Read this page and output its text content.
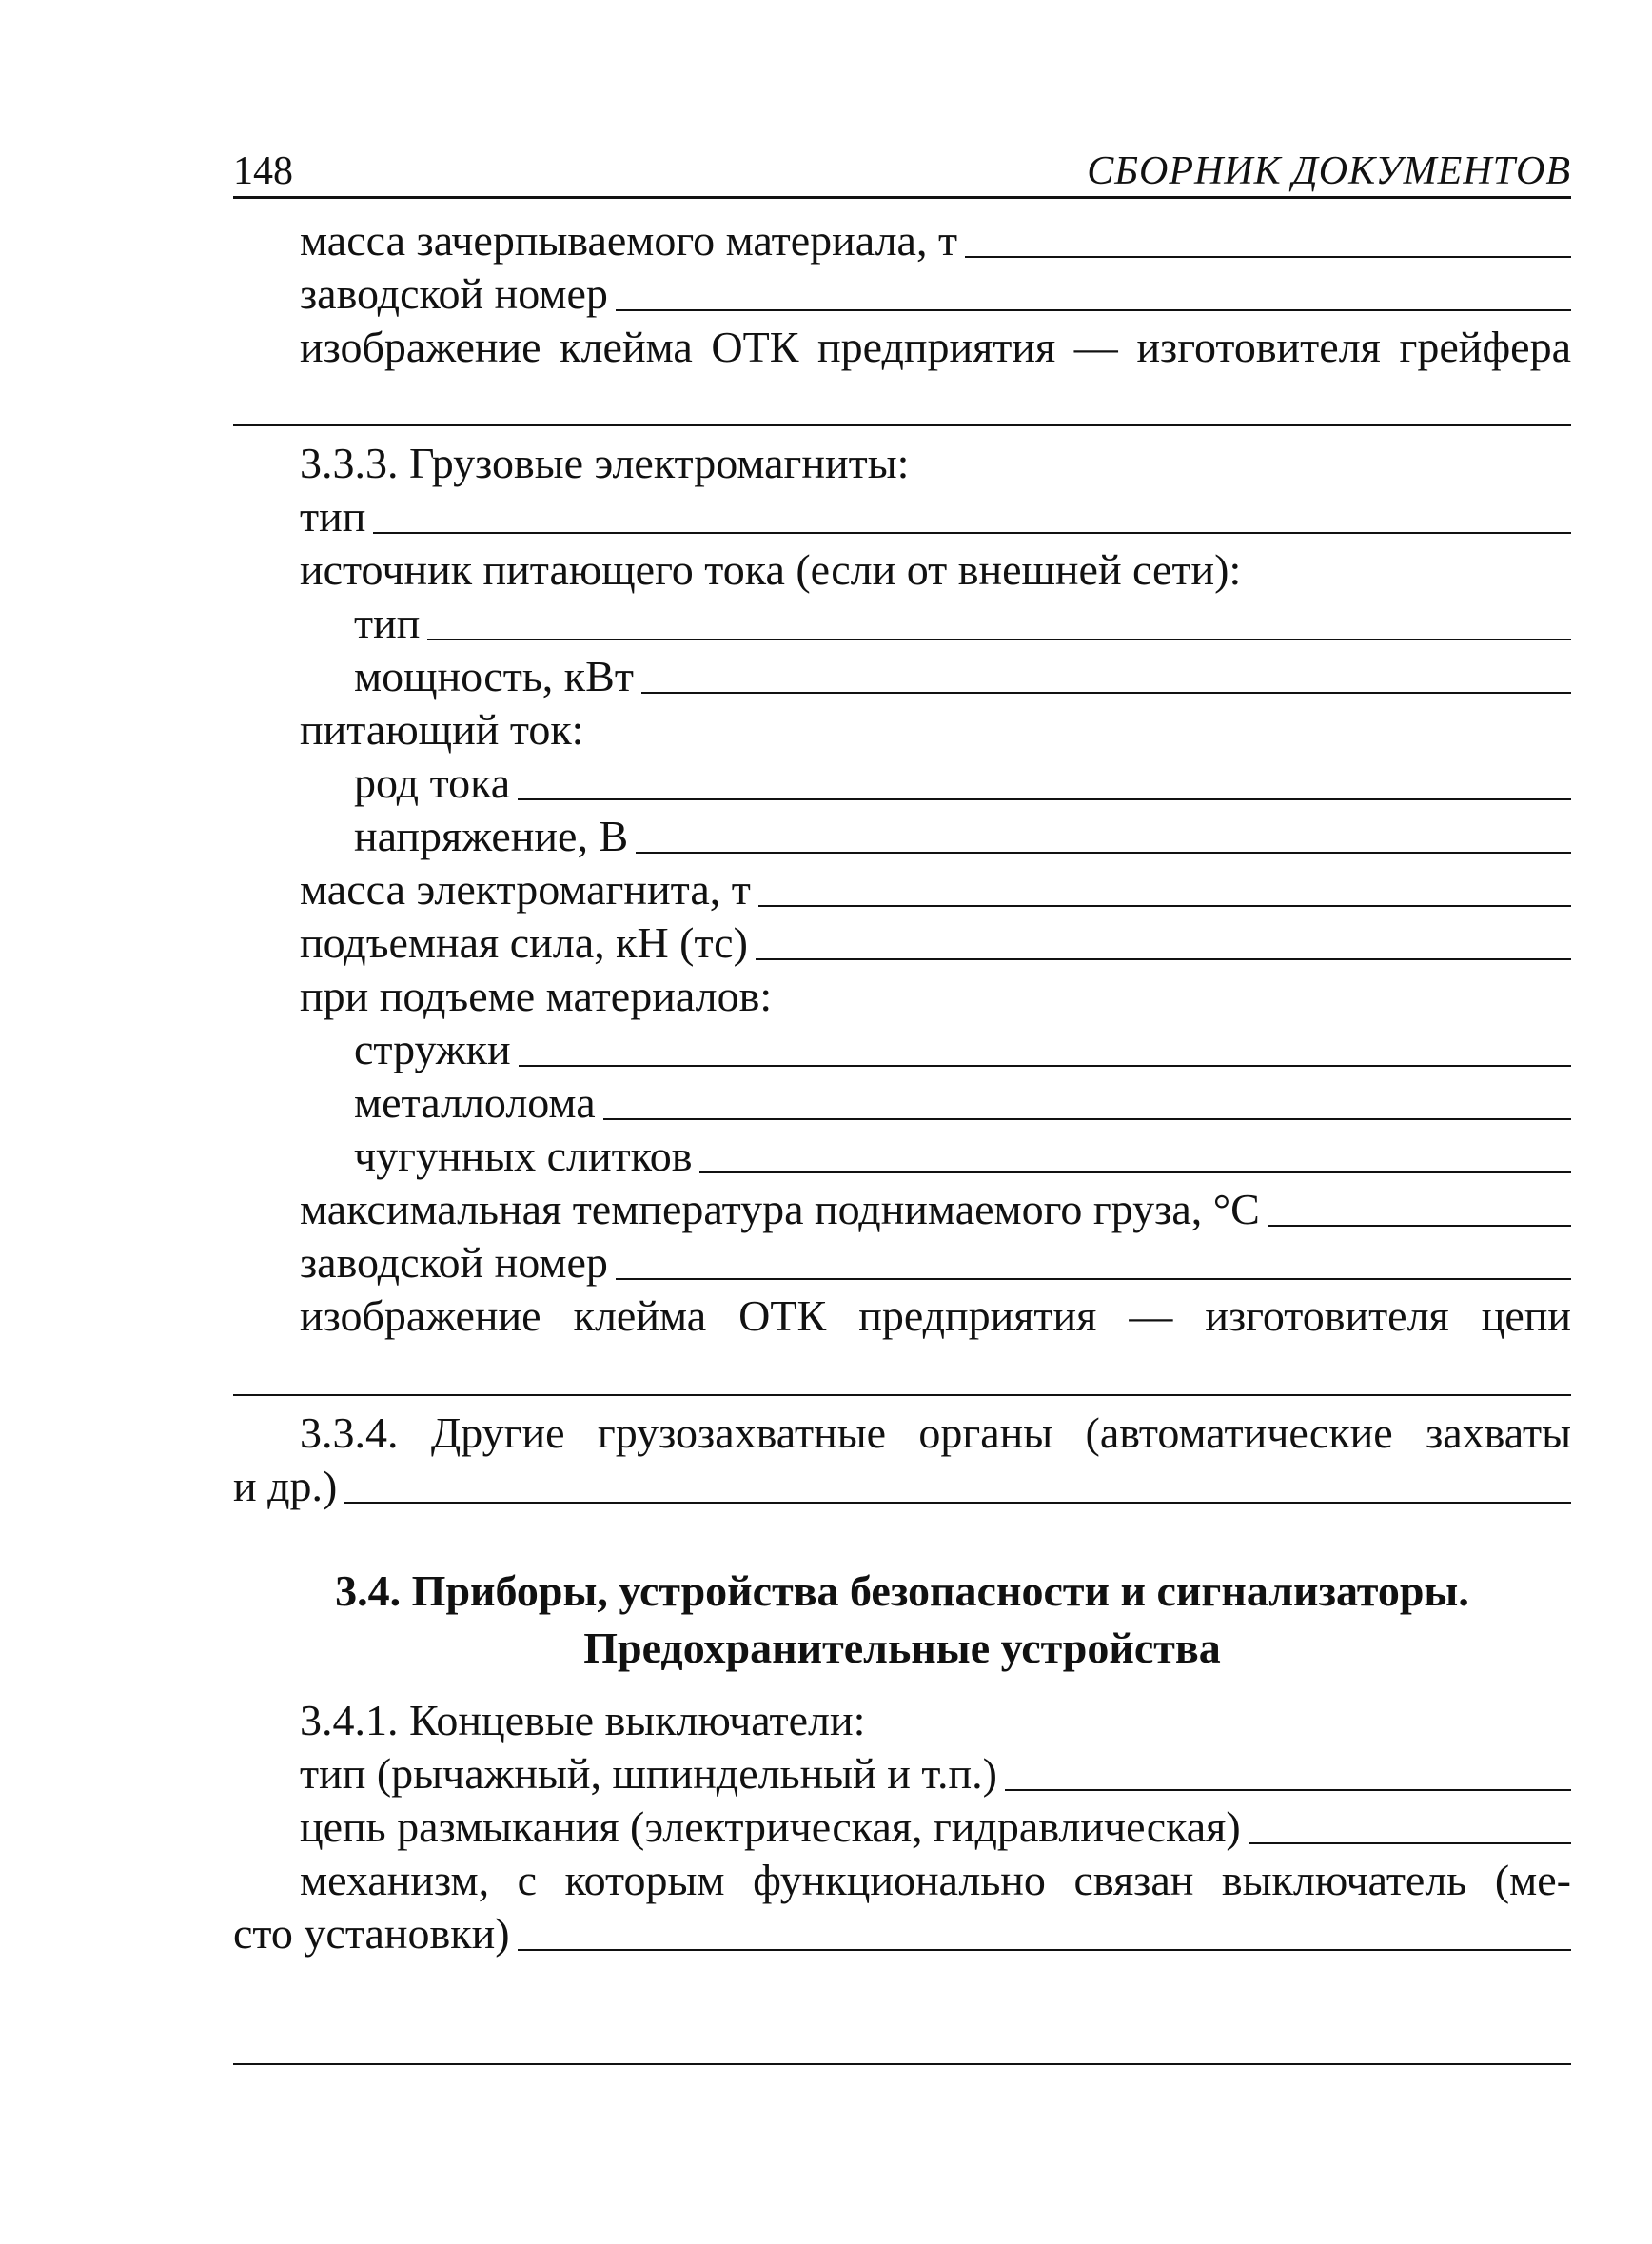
148	СБОРНИК ДОКУМЕНТОВ
масса зачерпываемого материала, т
заводской номер
изображение клейма ОТК предприятия — изготовителя грейфера
3.3.3. Грузовые электромагниты:
тип
источник питающего тока (если от внешней сети):
тип
мощность, кВт
питающий ток:
род тока
напряжение, В
масса электромагнита, т
подъемная сила, кН (тс)
при подъеме материалов:
стружки
металлолома
чугунных слитков
максимальная температура поднимаемого груза, °С
заводской номер
изображение клейма ОТК предприятия — изготовителя цепи
3.3.4. Другие грузозахватные органы (автоматические захваты
и др.)
3.4. Приборы, устройства безопасности и сигнализаторы.
Предохранительные устройства
3.4.1. Концевые выключатели:
тип (рычажный, шпиндельный и т.п.)
цепь размыкания (электрическая, гидравлическая)
механизм, с которым функционально связан выключатель (ме-
сто установки)
